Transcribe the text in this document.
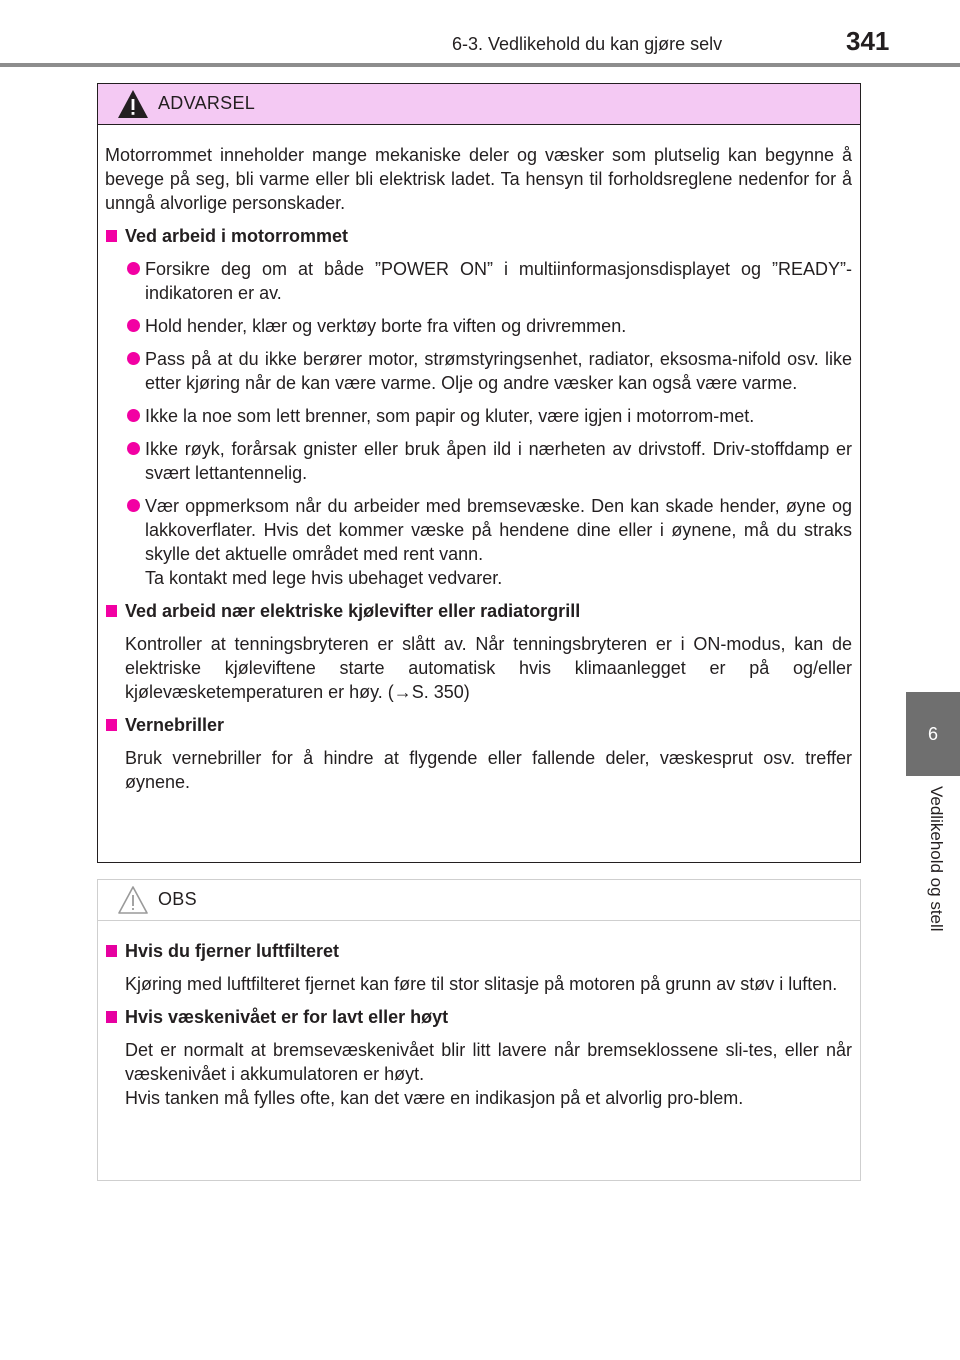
6-3. Vedlikehold du kan gjøre selv	341
6
Vedlikehold og stell
ADVARSEL

Motorrommet inneholder mange mekaniske deler og væsker som plutselig kan begynne å bevege på seg, bli varme eller bli elektrisk ladet. Ta hensyn til forholdsreglene nedenfor for å unngå alvorlige personskader.

Ved arbeid i motorrommet
Forsikre deg om at både ”POWER ON” i multiinformasjonsdisplayet og ”READY”-indikatoren er av.
Hold hender, klær og verktøy borte fra viften og drivremmen.
Pass på at du ikke berører motor, strømstyringsenhet, radiator, eksosma-nifold osv. like etter kjøring når de kan være varme. Olje og andre væsker kan også være varme.
Ikke la noe som lett brenner, som papir og kluter, være igjen i motorrom-met.
Ikke røyk, forårsak gnister eller bruk åpen ild i nærheten av drivstoff. Driv-stoffdamp er svært lettantennelig.
Vær oppmerksom når du arbeider med bremsevæske. Den kan skade hender, øyne og lakkoverflater. Hvis det kommer væske på hendene dine eller i øynene, må du straks skylle det aktuelle området med rent vann.
Ta kontakt med lege hvis ubehaget vedvarer.
Ved arbeid nær elektriske kjølevifter eller radiatorgrill

Kontroller at tenningsbryteren er slått av. Når tenningsbryteren er i ON-modus, kan de elektriske kjøleviftene starte automatisk hvis klimaanlegget er på og/eller kjølevæsketemperaturen er høy. (→S. 350)

Vernebriller

Bruk vernebriller for å hindre at flygende eller fallende deler, væskesprut osv. treffer øynene.

OBS
Hvis du fjerner luftfilteret

Kjøring med luftfilteret fjernet kan føre til stor slitasje på motoren på grunn av støv i luften.

Hvis væskenivået er for lavt eller høyt

Det er normalt at bremsevæskenivået blir litt lavere når bremseklossene sli-tes, eller når væskenivået i akkumulatoren er høyt.

Hvis tanken må fylles ofte, kan det være en indikasjon på et alvorlig pro-blem.
